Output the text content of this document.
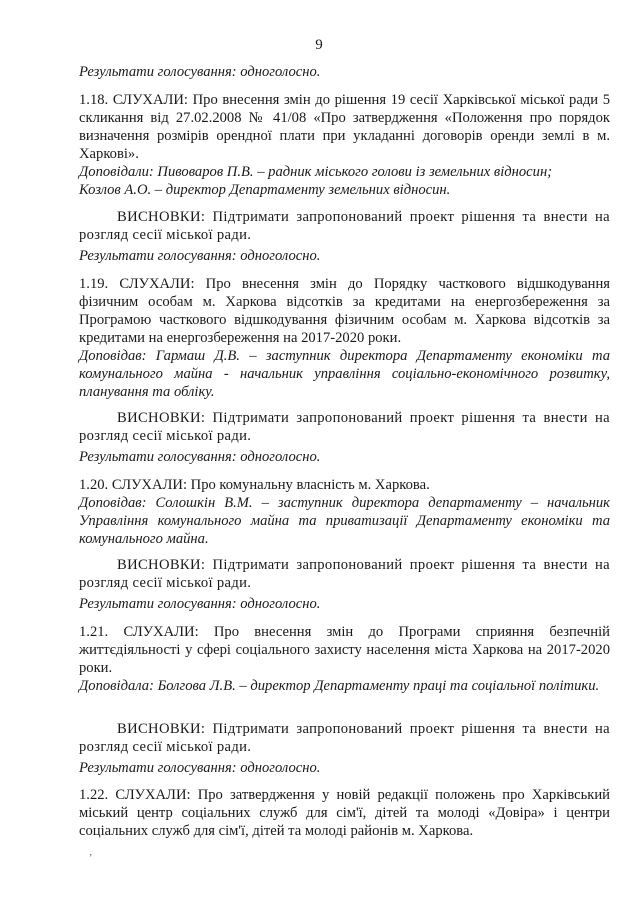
9

Результати голосування: одноголосно.

1.18. СЛУХАЛИ: Про внесення змін до рішення 19 сесії Харківської міської ради 5 скликання від 27.02.2008 № 41/08 «Про затвердження «Положення про порядок визначення розмірів орендної плати при укладанні договорів оренди землі в м. Харкові».

Доповідали: Пивоваров П.В. – радник міського голови із земельних відносин;

Козлов А.О. – директор Департаменту земельних відносин.

ВИСНОВКИ: Підтримати запропонований проект рішення та внести на розгляд сесії міської ради.

Результати голосування: одноголосно.

1.19. СЛУХАЛИ: Про внесення змін до Порядку часткового відшкодування фізичним особам м. Харкова відсотків за кредитами на енергозбереження за Програмою часткового відшкодування фізичним особам м. Харкова відсотків за кредитами на енергозбереження на 2017-2020 роки.

Доповідав: Гармаш Д.В. – заступник директора Департаменту економіки та комунального майна - начальник управління соціально-економічного розвитку, планування та обліку.

ВИСНОВКИ: Підтримати запропонований проект рішення та внести на розгляд сесії міської ради.

Результати голосування: одноголосно.

1.20. СЛУХАЛИ: Про комунальну власність м. Харкова.

Доповідав: Солошкін В.М. – заступник директора департаменту – начальник Управління комунального майна та приватизації Департаменту економіки та комунального майна.

ВИСНОВКИ: Підтримати запропонований проект рішення та внести на розгляд сесії міської ради.

Результати голосування: одноголосно.

1.21. СЛУХАЛИ: Про внесення змін до Програми сприяння безпечній життєдіяльності у сфері соціального захисту населення міста Харкова на 2017-2020 роки.

Доповідала: Болгова Л.В. – директор Департаменту праці та соціальної політики.

ВИСНОВКИ: Підтримати запропонований проект рішення та внести на розгляд сесії міської ради.

Результати голосування: одноголосно.

1.22. СЛУХАЛИ: Про затвердження у новій редакції положень про Харківський міський центр соціальних служб для сім'ї, дітей та молоді «Довіра» і центри соціальних служб для сім'ї, дітей та молоді районів м. Харкова.

ʼ
